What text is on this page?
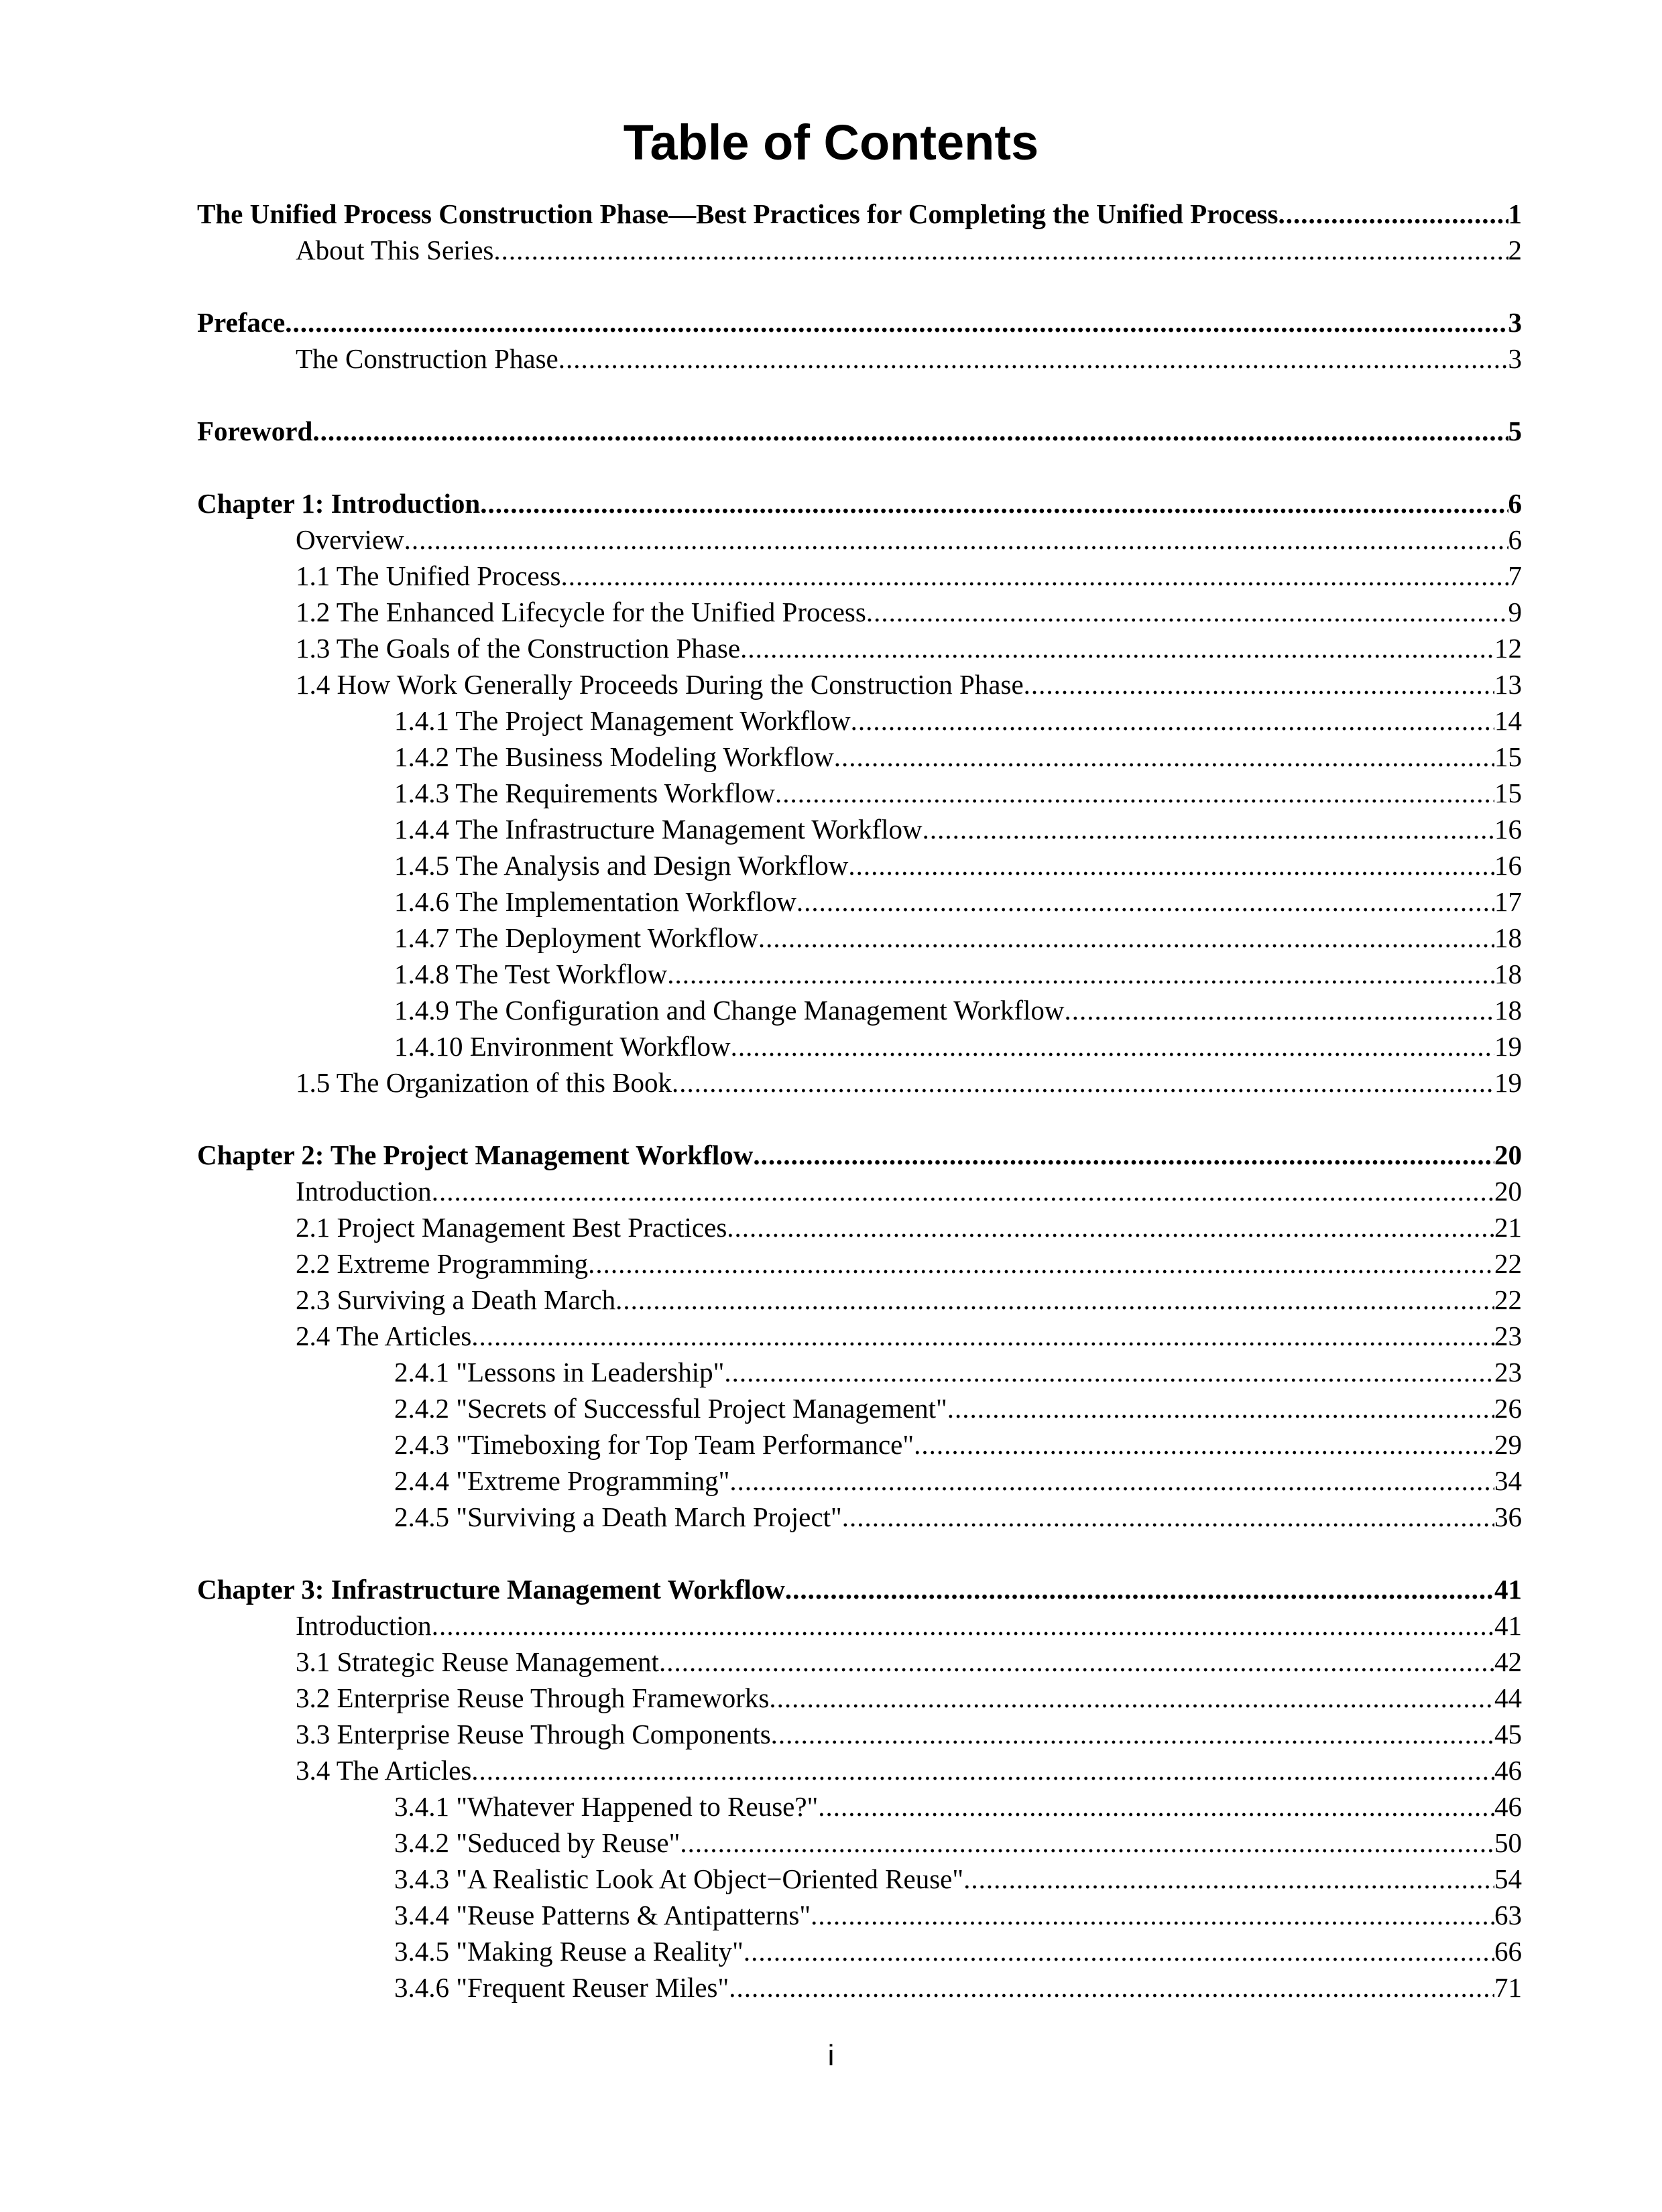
Table of Contents
The Unified Process Construction Phase—Best Practices for Completing the Unified Process .....	1
About This Series .....	2
Preface .....	3
The Construction Phase .....	3
Foreword .....	5
Chapter 1: Introduction .....	6
Overview .....	6
1.1 The Unified Process .....	7
1.2 The Enhanced Lifecycle for the Unified Process .....	9
1.3 The Goals of the Construction Phase .....	12
1.4 How Work Generally Proceeds During the Construction Phase .....	13
1.4.1 The Project Management Workflow .....	14
1.4.2 The Business Modeling Workflow .....	15
1.4.3 The Requirements Workflow .....	15
1.4.4 The Infrastructure Management Workflow .....	16
1.4.5 The Analysis and Design Workflow .....	16
1.4.6 The Implementation Workflow .....	17
1.4.7 The Deployment Workflow .....	18
1.4.8 The Test Workflow .....	18
1.4.9 The Configuration and Change Management Workflow .....	18
1.4.10 Environment Workflow .....	19
1.5 The Organization of this Book .....	19
Chapter 2: The Project Management Workflow .....	20
Introduction .....	20
2.1 Project Management Best Practices .....	21
2.2 Extreme Programming .....	22
2.3 Surviving a Death March .....	22
2.4 The Articles .....	23
2.4.1 "Lessons in Leadership" .....	23
2.4.2 "Secrets of Successful Project Management" .....	26
2.4.3 "Timeboxing for Top Team Performance" .....	29
2.4.4 "Extreme Programming" .....	34
2.4.5 "Surviving a Death March Project" .....	36
Chapter 3: Infrastructure Management Workflow .....	41
Introduction .....	41
3.1 Strategic Reuse Management .....	42
3.2 Enterprise Reuse Through Frameworks .....	44
3.3 Enterprise Reuse Through Components .....	45
3.4 The Articles .....	46
3.4.1 "Whatever Happened to Reuse?" .....	46
3.4.2 "Seduced by Reuse" .....	50
3.4.3 "A Realistic Look At Object−Oriented Reuse" .....	54
3.4.4 "Reuse Patterns & Antipatterns" .....	63
3.4.5 "Making Reuse a Reality" .....	66
3.4.6 "Frequent Reuser Miles" .....	71
i
